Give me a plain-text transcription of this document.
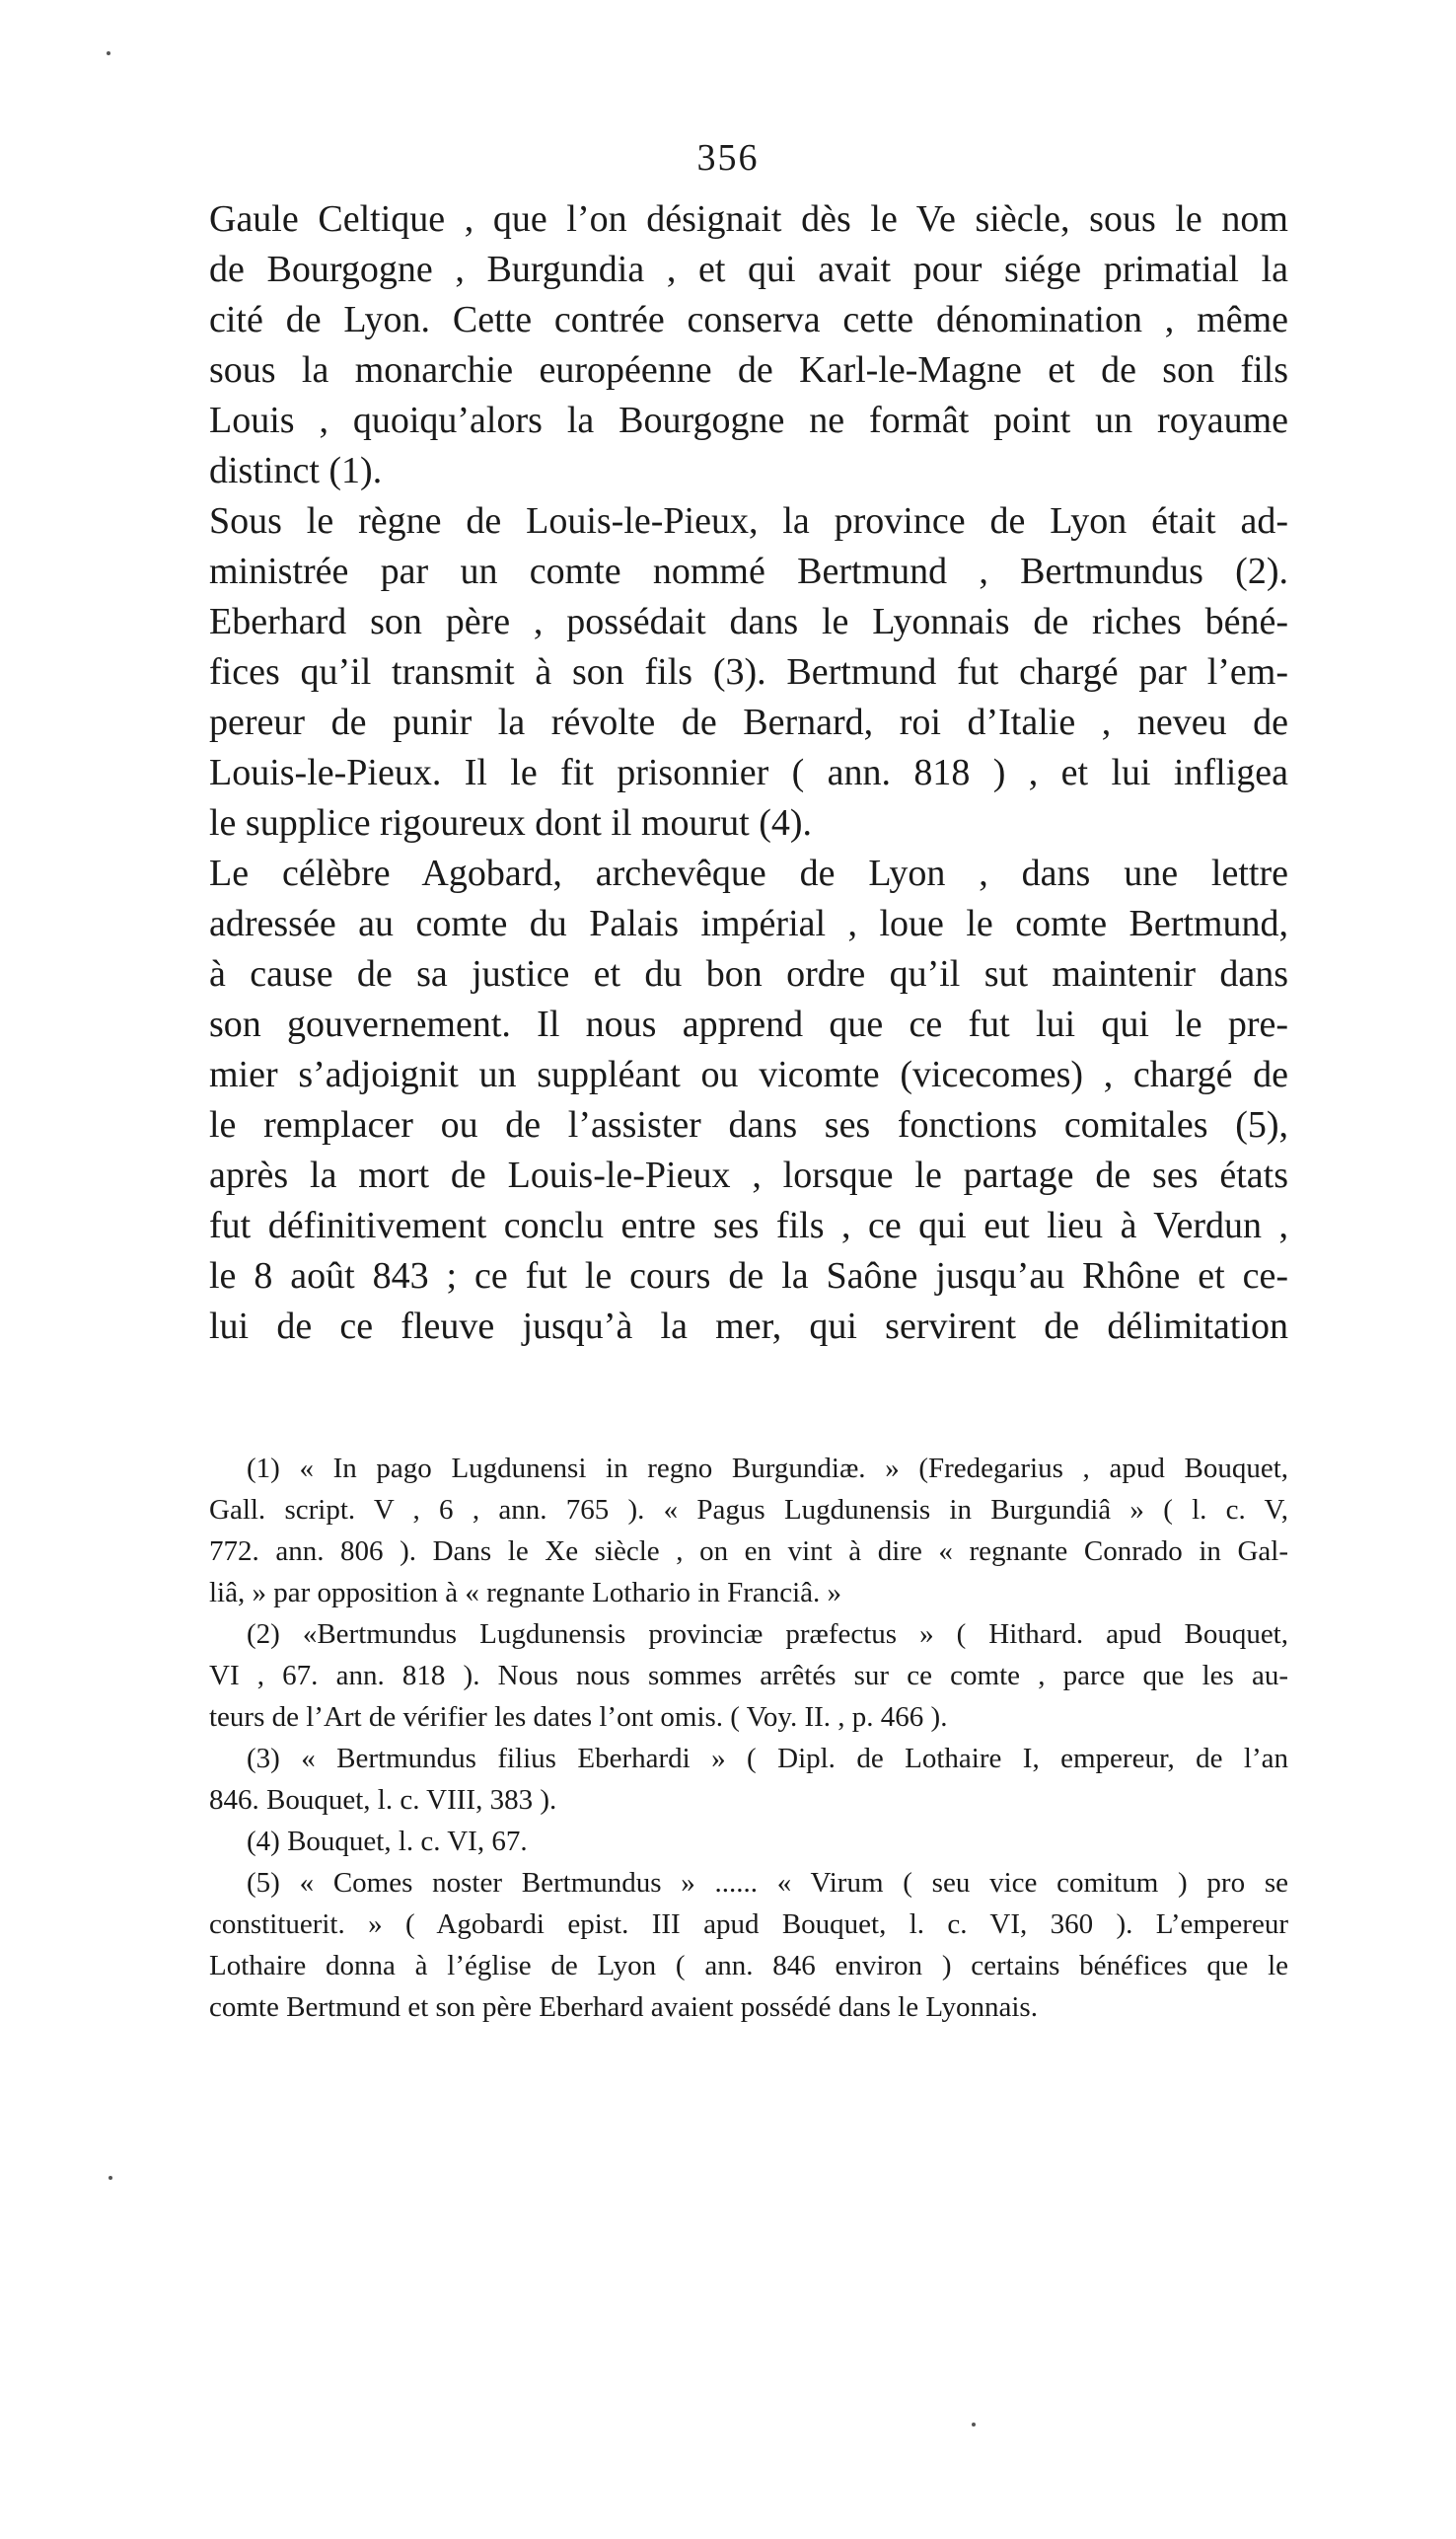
356
Gaule Celtique , que l’on désignait dès le Ve siècle, sous le nom
de Bourgogne , Burgundia , et qui avait pour siége primatial la
cité de Lyon. Cette contrée conserva cette dénomination , même
sous la monarchie européenne de Karl-le-Magne et de son fils
Louis , quoiqu’alors la Bourgogne ne formât point un royaume
distinct (1).
Sous le règne de Louis-le-Pieux, la province de Lyon était ad-
ministrée par un comte nommé Bertmund , Bertmundus (2).
Eberhard son père , possédait dans le Lyonnais de riches béné-
fices qu’il transmit à son fils (3). Bertmund fut chargé par l’em-
pereur de punir la révolte de Bernard, roi d’Italie , neveu de
Louis-le-Pieux. Il le fit prisonnier ( ann. 818 ) , et lui infligea
le supplice rigoureux dont il mourut (4).
Le célèbre Agobard, archevêque de Lyon , dans une lettre
adressée au comte du Palais impérial , loue le comte Bertmund,
à cause de sa justice et du bon ordre qu’il sut maintenir dans
son gouvernement. Il nous apprend que ce fut lui qui le pre-
mier s’adjoignit un suppléant ou vicomte (vicecomes) , chargé de
le remplacer ou de l’assister dans ses fonctions comitales (5),
après la mort de Louis-le-Pieux , lorsque le partage de ses états
fut définitivement conclu entre ses fils , ce qui eut lieu à Verdun ,
le 8 août 843 ; ce fut le cours de la Saône jusqu’au Rhône et ce-
lui de ce fleuve jusqu’à la mer, qui servirent de délimitation
(1) « In pago Lugdunensi in regno Burgundiæ. » (Fredegarius , apud Bouquet,
Gall. script. V , 6 , ann. 765 ). « Pagus Lugdunensis in Burgundiâ » ( l. c. V,
772. ann. 806 ). Dans le Xe siècle , on en vint à dire « regnante Conrado in Gal-
liâ, » par opposition à « regnante Lothario in Franciâ. »
(2) «Bertmundus Lugdunensis provinciæ præfectus » ( Hithard. apud Bouquet,
VI , 67. ann. 818 ). Nous nous sommes arrêtés sur ce comte , parce que les au-
teurs de l’Art de vérifier les dates l’ont omis. ( Voy. II. , p. 466 ).
(3) « Bertmundus filius Eberhardi » ( Dipl. de Lothaire I, empereur, de l’an
846. Bouquet, l. c. VIII, 383 ).
(4) Bouquet, l. c. VI, 67.
(5) « Comes noster Bertmundus » ...... « Virum ( seu vice comitum ) pro se
constituerit. » ( Agobardi epist. III apud Bouquet, l. c. VI, 360 ). L’empereur
Lothaire donna à l’église de Lyon ( ann. 846 environ ) certains bénéfices que le
comte Bertmund et son père Eberhard avaient possédé dans le Lyonnais.
